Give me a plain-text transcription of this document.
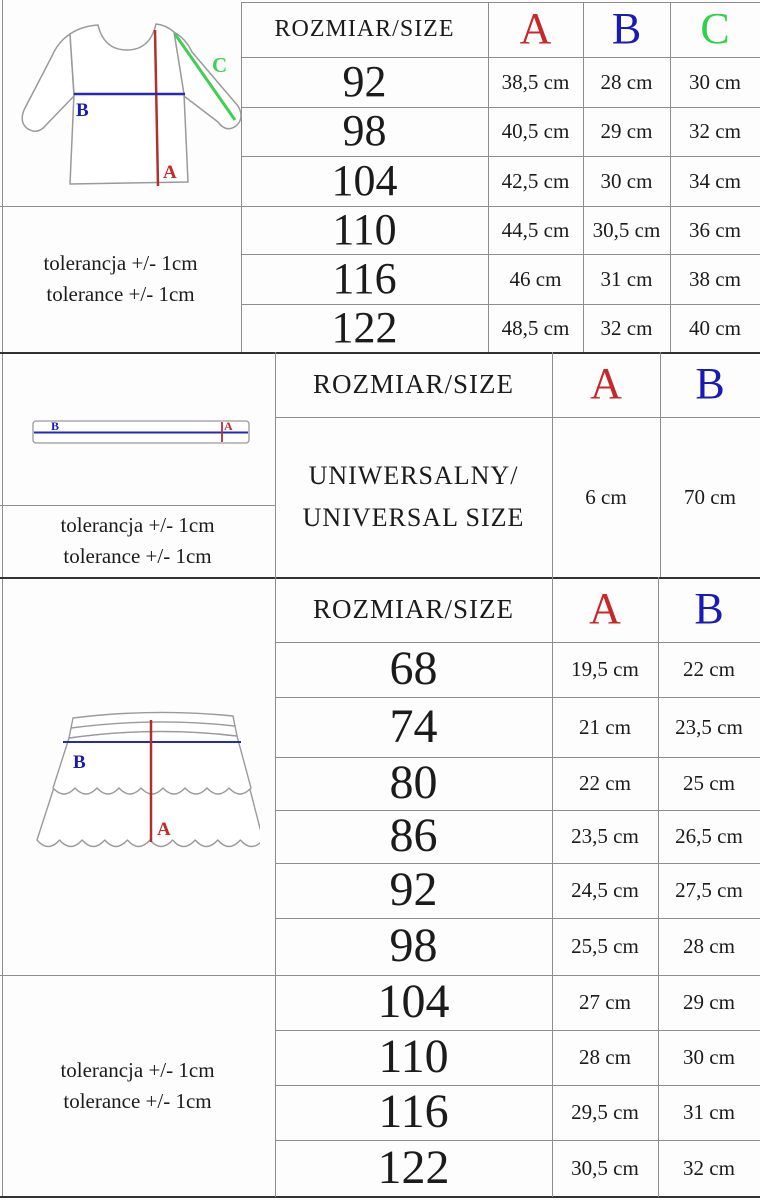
B
A
C
B	A
B
A
ROZMIAR/SIZE	A	B	C
92	38,5 cm	28 cm	30 cm
98	40,5 cm	29 cm	32 cm
104	42,5 cm	30 cm	34 cm
110	44,5 cm	30,5 cm	36 cm
116	46 cm	31 cm	38 cm
122	48,5 cm	32 cm	40 cm
tolerancja +/- 1cm
tolerance +/- 1cm
ROZMIAR/SIZE	A	B
UNIWERSALNY/
UNIVERSAL SIZE
6 cm	70 cm
tolerancja +/- 1cm
tolerance +/- 1cm
ROZMIAR/SIZE	A	B
68	19,5 cm	22 cm
74	21 cm	23,5 cm
80	22 cm	25 cm
86	23,5 cm	26,5 cm
92	24,5 cm	27,5 cm
98	25,5 cm	28 cm
104	27 cm	29 cm
110	28 cm	30 cm
116	29,5 cm	31 cm
122	30,5 cm	32 cm
tolerancja +/- 1cm
tolerance +/- 1cm
